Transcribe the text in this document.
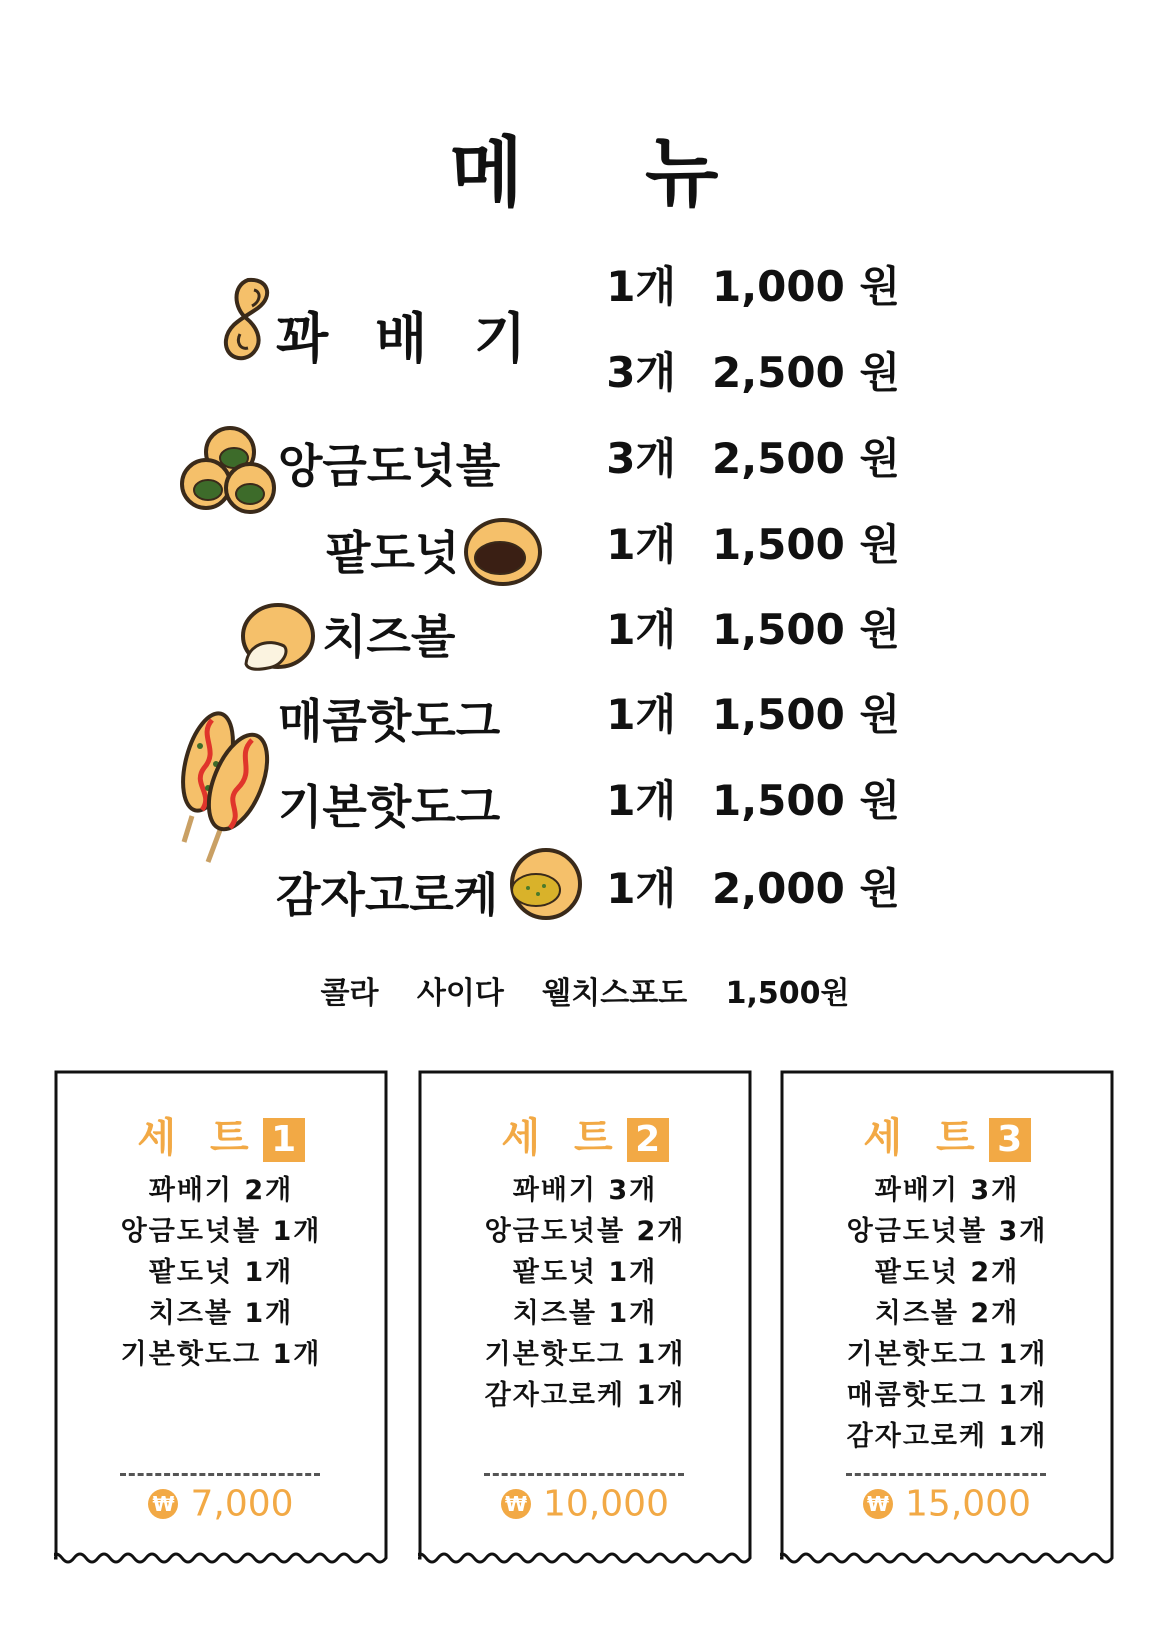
메 뉴
꽈 배 기
1개 1,000 원
3개 2,500 원
앙금도넛볼	3개 2,500 원
팥도넛	1개 1,500 원
치즈볼	1개 1,500 원
매콤핫도그	1개 1,500 원
기본핫도그	1개 1,500 원
감자고로케	1개 2,000 원
콜라 사이다 웰치스포도 1,500원
세 트 1
꽈배기 2개
앙금도넛볼 1개
팥도넛 1개
치즈볼 1개
기본핫도그 1개
₩ 7,000
세 트 2
꽈배기 3개
앙금도넛볼 2개
팥도넛 1개
치즈볼 1개
기본핫도그 1개
감자고로케 1개
₩ 10,000
세 트 3
꽈배기 3개
앙금도넛볼 3개
팥도넛 2개
치즈볼 2개
기본핫도그 1개
매콤핫도그 1개
감자고로케 1개
₩ 15,000
